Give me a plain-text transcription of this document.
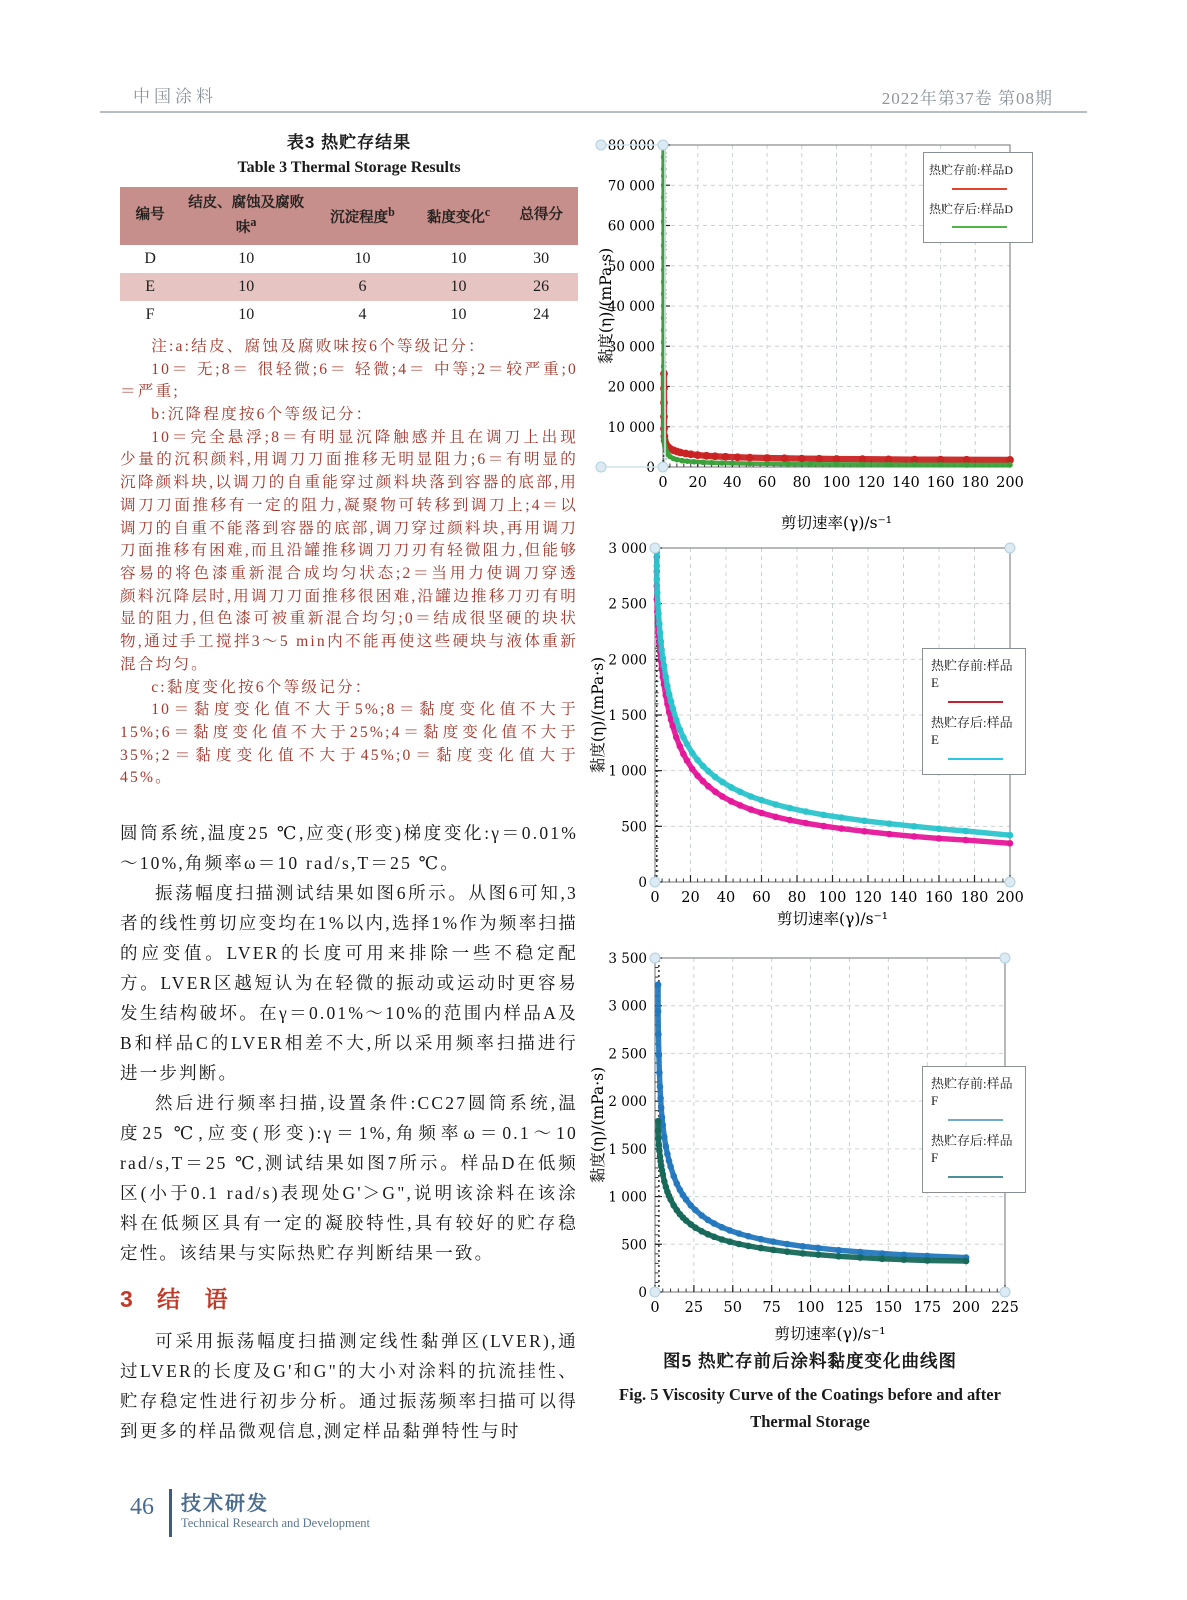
中国涂料	2022年第37卷 第08期

表3 热贮存结果

Table 3 Thermal Storage Results

编号	结皮、腐蚀及腐败味$^a$	沉淀程度$^b$	黏度变化$^c$	总得分
D	10	10	10	30
E	10	6	10	26
F	10	4	10	24

注:a:结皮、腐蚀及腐败味按6个等级记分：

10＝ 无;8＝ 很轻微;6＝ 轻微;4＝ 中等;2＝较严重;0＝严重;

b:沉降程度按6个等级记分：

10＝完全悬浮;8＝有明显沉降触感并且在调刀上出现少量的沉积颜料,用调刀刀面推移无明显阻力;6＝有明显的沉降颜料块,以调刀的自重能穿过颜料块落到容器的底部,用调刀刀面推移有一定的阻力,凝聚物可转移到调刀上;4＝以调刀的自重不能落到容器的底部,调刀穿过颜料块,再用调刀刀面推移有困难,而且沿罐推移调刀刀刃有轻微阻力,但能够容易的将色漆重新混合成均匀状态;2＝当用力使调刀穿透颜料沉降层时,用调刀刀面推移很困难,沿罐边推移刀刃有明显的阻力,但色漆可被重新混合均匀;0＝结成很坚硬的块状物,通过手工搅拌3～5 min内不能再使这些硬块与液体重新混合均匀。

c:黏度变化按6个等级记分：

10＝黏度变化值不大于5%;8＝黏度变化值不大于15%;6＝黏度变化值不大于25%;4＝黏度变化值不大于35%;2＝黏度变化值不大于45%;0＝黏度变化值大于45%。

圆筒系统,温度25 ℃,应变(形变)梯度变化:γ＝0.01%～10%,角频率ω＝10 rad/s,T＝25 ℃。

振荡幅度扫描测试结果如图6所示。从图6可知,3者的线性剪切应变均在1%以内,选择1%作为频率扫描的应变值。LVER的长度可用来排除一些不稳定配方。LVER区越短认为在轻微的振动或运动时更容易发生结构破坏。在γ＝0.01%～10%的范围内样品A及B和样品C的LVER相差不大,所以采用频率扫描进行进一步判断。

然后进行频率扫描,设置条件:CC27圆筒系统,温度25 ℃,应变(形变):γ＝1%,角频率ω＝0.1～10 rad/s,T＝25 ℃,测试结果如图7所示。样品D在低频区(小于0.1 rad/s)表现处G'＞G",说明该涂料在该涂料在低频区具有一定的凝胶特性,具有较好的贮存稳定性。该结果与实际热贮存判断结果一致。

3 结 语

可采用振荡幅度扫描测定线性黏弹区(LVER),通过LVER的长度及G'和G"的大小对涂料的抗流挂性、贮存稳定性进行初步分析。通过振荡频率扫描可以得到更多的样品微观信息,测定样品黏弹特性与时

0 20 40 60 80 100 120 140 160 180 200
0
10 000
20 000
30 000
40 000
50 000
60 000
70 000
80 000
剪切速率(γ)/s⁻¹
黏度(η)/(mPa·s)
热贮存前:样品D
热贮存后:样品D
0 20 40 60 80 100 120 140 160 180 200
0
500
1 000
1 500
2 000
2 500
3 000
剪切速率(γ)/s⁻¹
黏度(η)/(mPa·s)	热贮存前:样品E
热贮存后:样品E
0 25 50 75 100 125 150 175 200 225
0
500
1 000
1 500
2 000
2 500
3 000
3 500
剪切速率(γ)/s⁻¹
黏度(η)/(mPa·s)	热贮存前:样品F
热贮存后:样品F

图5 热贮存前后涂料黏度变化曲线图

Fig. 5 Viscosity Curve of the Coatings before and after
Thermal Storage

46 技术研发
Technical Research and Development
